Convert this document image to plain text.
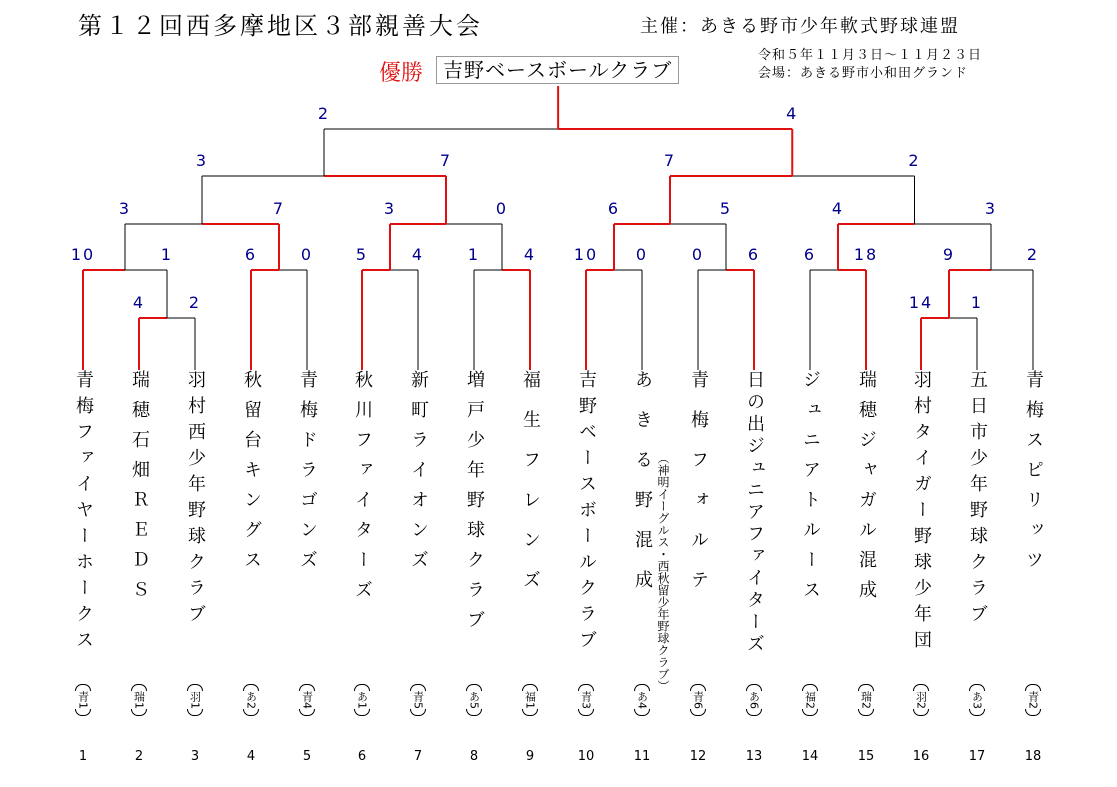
第１２回西多摩地区３部親善大会	主催：あきる野市少年軟式野球連盟
令和５年１１月３日～１１月２３日
会場：あきる野市小和田グランド
優勝 吉野ベースボールクラブ
4	2	14 1
10	1	6	0	5	4	1	4 10 0	0	6	6 18	9	2
3	7	3	0	6	5	4	3
3	7	7	2
2	4
青梅ファイヤーホークス
青1
1
瑞穂石畑ＲＥＤＳ
瑞1
2
羽村西少年野球クラブ
羽1
3
秋留台キングス
あ2
4
青梅ドラゴンズ
青4
5
秋川ファイターズ
あ1
6
新町ライオンズ
青5
7
増戸少年野球クラブ
あ5
8
福生フレンズ
福1
9
吉野ベースボールクラブ
青3
10
あきる野混成 （神明イーグルス・西秋留少年野球クラブ）
あ4
11
青梅フォルテ
青6
12
日の出ジュニアファイターズ
あ6
13
ジュニアトルース
福2
14
瑞穂ジャガル混成
瑞2
15
羽村タイガー野球少年団
羽2
16
五日市少年野球クラブ
あ3
17
青梅スピリッツ
青2
18
